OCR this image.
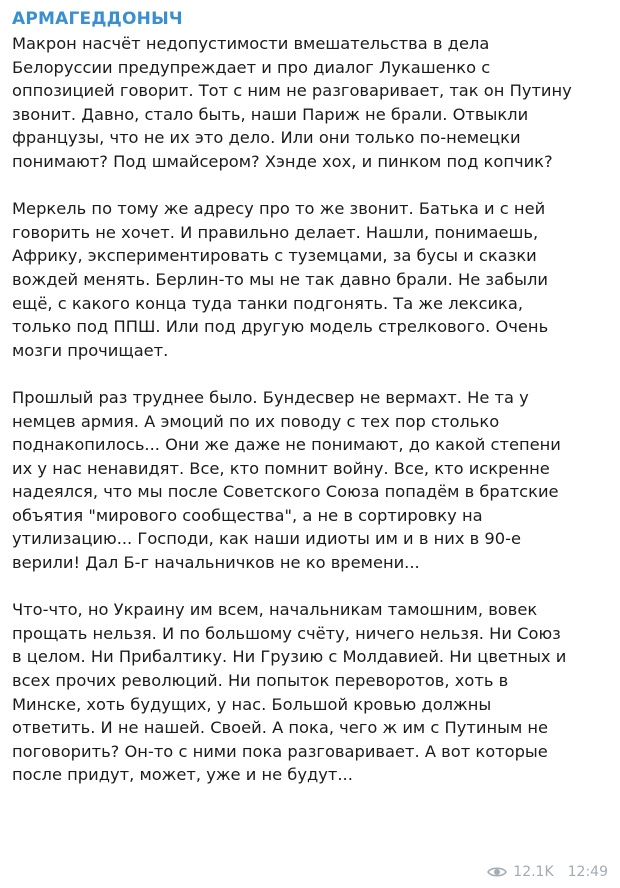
АРМАГЕДДОНЫЧ

Макрон насчёт недопустимости вмешательства в дела
Белоруссии предупреждает и про диалог Лукашенко с
оппозицией говорит. Тот с ним не разговаривает, так он Путину
звонит. Давно, стало быть, наши Париж не брали. Отвыкли
французы, что не их это дело. Или они только по-немецки
понимают? Под шмайсером? Хэнде хох, и пинком под копчик?

Меркель по тому же адресу про то же звонит. Батька и с ней
говорить не хочет. И правильно делает. Нашли, понимаешь,
Африку, экспериментировать с туземцами, за бусы и сказки
вождей менять. Берлин-то мы не так давно брали. Не забыли
ещё, с какого конца туда танки подгонять. Та же лексика,
только под ППШ. Или под другую модель стрелкового. Очень
мозги прочищает.

Прошлый раз труднее было. Бундесвер не вермахт. Не та у
немцев армия. А эмоций по их поводу с тех пор столько
поднакопилось... Они же даже не понимают, до какой степени
их у нас ненавидят. Все, кто помнит войну. Все, кто искренне
надеялся, что мы после Советского Союза попадём в братские
объятия "мирового сообщества", а не в сортировку на
утилизацию... Господи, как наши идиоты им и в них в 90-е
верили! Дал Б-г начальничков не ко времени...

Что-что, но Украину им всем, начальникам тамошним, вовек
прощать нельзя. И по большому счёту, ничего нельзя. Ни Союз
в целом. Ни Прибалтику. Ни Грузию с Молдавией. Ни цветных и
всех прочих революций. Ни попыток переворотов, хоть в
Минске, хоть будущих, у нас. Большой кровью должны
ответить. И не нашей. Своей. А пока, чего ж им с Путиным не
поговорить? Он-то с ними пока разговаривает. А вот которые
после придут, может, уже и не будут...

12.1K 12:49
